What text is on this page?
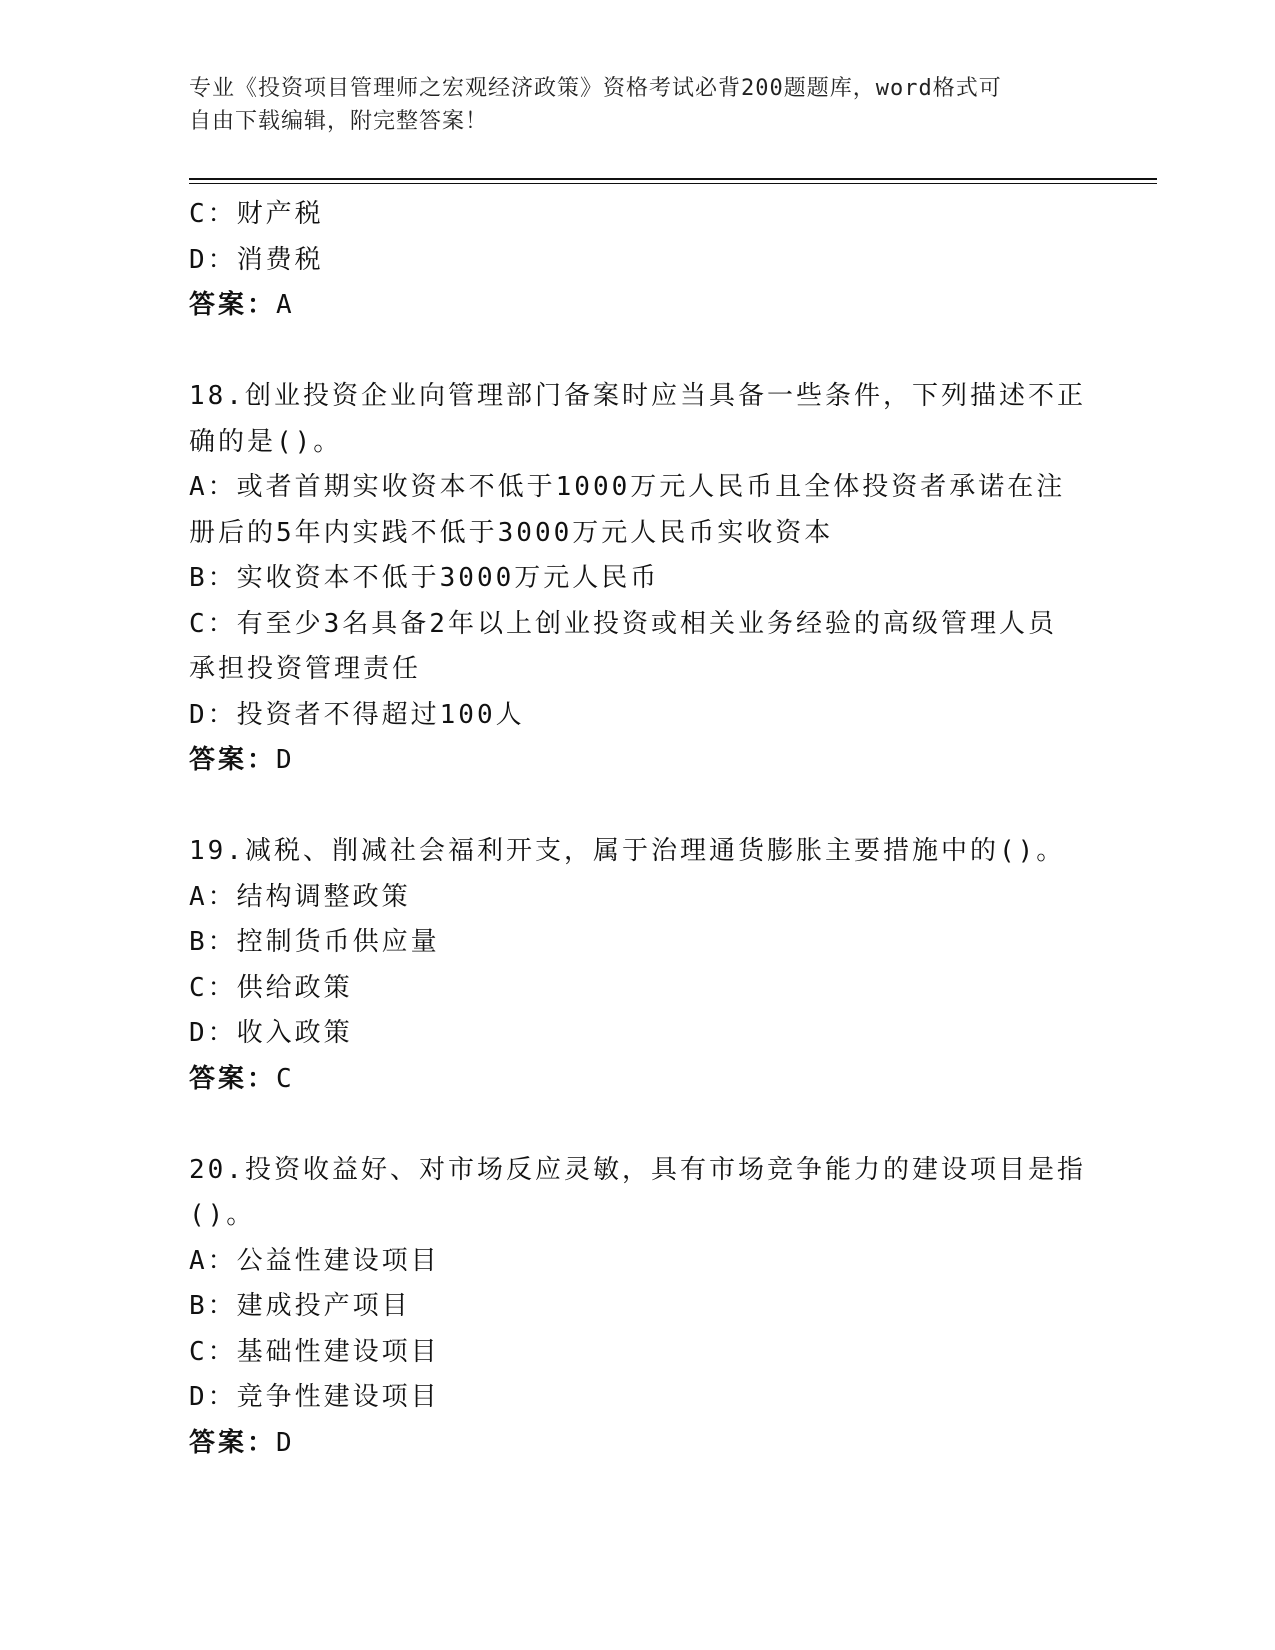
专业《投资项目管理师之宏观经济政策》资格考试必背200题题库，word格式可
自由下载编辑，附完整答案！
C：财产税
D：消费税
答案：A
18.创业投资企业向管理部门备案时应当具备一些条件，下列描述不正
确的是()。
A：或者首期实收资本不低于1000万元人民币且全体投资者承诺在注
册后的5年内实践不低于3000万元人民币实收资本
B：实收资本不低于3000万元人民币
C：有至少3名具备2年以上创业投资或相关业务经验的高级管理人员
承担投资管理责任
D：投资者不得超过100人
答案：D
19.减税、削减社会福利开支，属于治理通货膨胀主要措施中的()。
A：结构调整政策
B：控制货币供应量
C：供给政策
D：收入政策
答案：C
20.投资收益好、对市场反应灵敏，具有市场竞争能力的建设项目是指
()。
A：公益性建设项目
B：建成投产项目
C：基础性建设项目
D：竞争性建设项目
答案：D
